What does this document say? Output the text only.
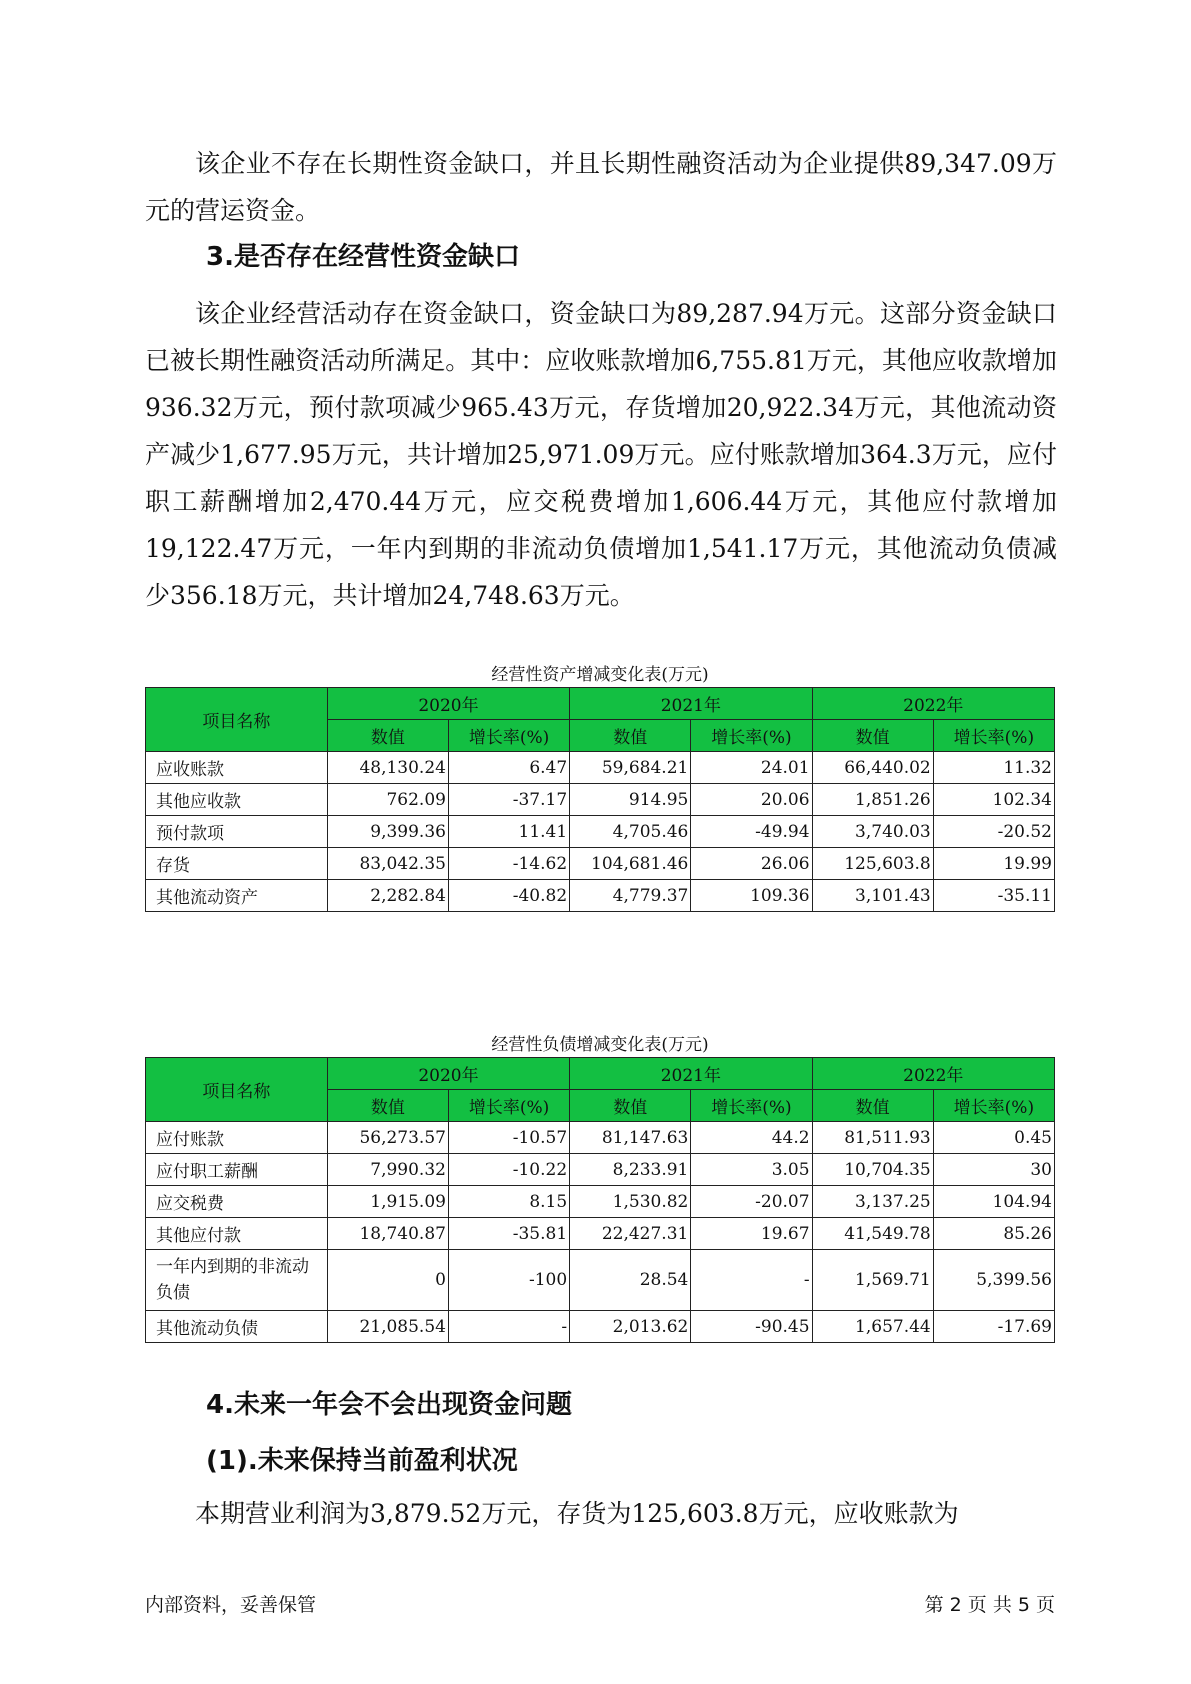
该企业不存在长期性资金缺口，并且长期性融资活动为企业提供89,347.09万元的营运资金。

3.是否存在经营性资金缺口

该企业经营活动存在资金缺口，资金缺口为89,287.94万元。这部分资金缺口已被长期性融资活动所满足。其中：应收账款增加6,755.81万元，其他应收款增加936.32万元，预付款项减少965.43万元，存货增加20,922.34万元，其他流动资产减少1,677.95万元，共计增加25,971.09万元。应付账款增加364.3万元，应付职工薪酬增加2,470.44万元，应交税费增加1,606.44万元，其他应付款增加19,122.47万元，一年内到期的非流动负债增加1,541.17万元，其他流动负债减少356.18万元，共计增加24,748.63万元。

经营性资产增减变化表(万元)
项目名称	2020年		2021年		2022年	
	数值	增长率(%)	数值	增长率(%)	数值	增长率(%)
应收账款	48,130.24	6.47	59,684.21	24.01	66,440.02	11.32
其他应收款	762.09	-37.17	914.95	20.06	1,851.26	102.34
预付款项	9,399.36	11.41	4,705.46	-49.94	3,740.03	-20.52
存货	83,042.35	-14.62	104,681.46	26.06	125,603.8	19.99
其他流动资产	2,282.84	-40.82	4,779.37	109.36	3,101.43	-35.11
经营性负债增减变化表(万元)
项目名称	2020年		2021年		2022年	
	数值	增长率(%)	数值	增长率(%)	数值	增长率(%)
应付账款	56,273.57	-10.57	81,147.63	44.2	81,511.93	0.45
应付职工薪酬	7,990.32	-10.22	8,233.91	3.05	10,704.35	30
应交税费	1,915.09	8.15	1,530.82	-20.07	3,137.25	104.94
其他应付款	18,740.87	-35.81	22,427.31	19.67	41,549.78	85.26
一年内到期的非流动负债	0	-100	28.54	-	1,569.71	5,399.56
其他流动负债	21,085.54	-	2,013.62	-90.45	1,657.44	-17.69
4.未来一年会不会出现资金问题
(1).未来保持当前盈利状况

本期营业利润为3,879.52万元，存货为125,603.8万元，应收账款为

内部资料，妥善保管	第 2 页 共 5 页
